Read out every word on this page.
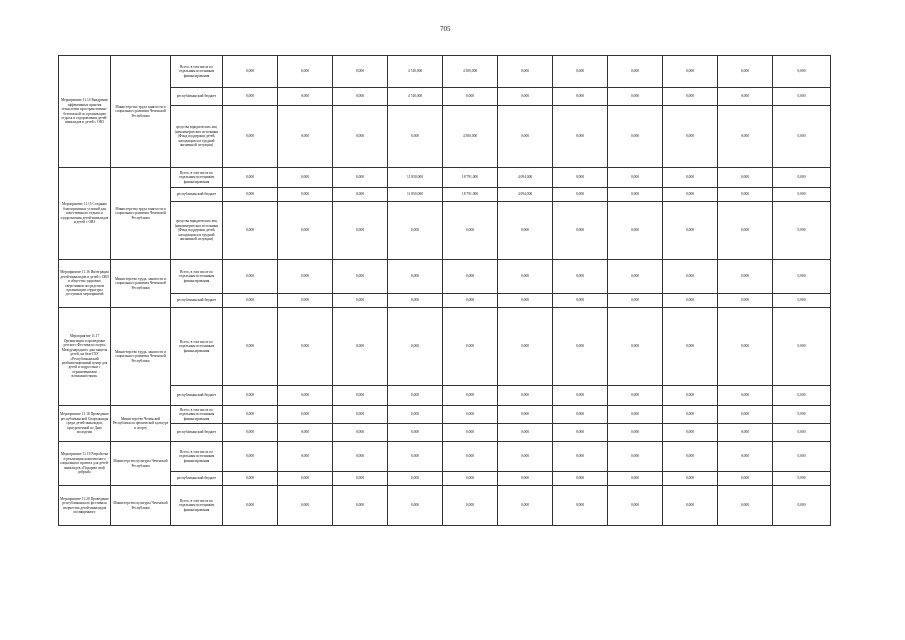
705
Мероприятие 11.14 Внедрение эффективных практик технологии пространственно-безопасной по организации отдыха и оздоровления детей-инвалидов и детей с ОВЗ	Министерство труда занятости и социального развития Чеченской Республики	Всего, в том числе по отдельным источникам финансирования	0,000	0,000	0,000	4 740,000	4 500,000	0,000	0,000	0,000	0,000	0,000	0,000
		республиканский бюджет	0,000	0,000	0,000	4 740,000	0,000	0,000	0,000	0,000	0,000	0,000	0,000
		средства юридических лиц (некоммерческих источники (Фонд поддержки детей, находящихся в трудной жизненной ситуации)	0,000	0,000	0,000	0,000	4 500,000	0,000	0,000	0,000	0,000	0,000	0,000
Мероприятие 11.15 Создание благоприятных условий для качественного отдыха и оздоровления детей-инвалидов и детей с ОВЗ	Министерство труда занятости и социального развития Чеченской Республики	Всего, в том числе по отдельным источникам финансирования	0,000	0,000	0,000	11 850,000	18 791,000	4 094,000	0,000	0,000	0,000	0,000	0,000
		республиканский бюджет	0,000	0,000	0,000	11 850,000	18 791,000	4 094,000	0,000	0,000	0,000	0,000	0,000
		средства юридических лиц (некоммерческих источники (Фонд поддержки детей, находящихся в трудной жизненной ситуации)	0,000	0,000	0,000	0,000	0,000	0,000	0,000	0,000	0,000	0,000	0,000
Мероприятие 11.16 Интеграция детей-инвалидов и детей с ОВЗ в общество здоровых сверстников посредством организации структуры доступных мероприятий	Министерство труда, занятости и социального развития Чеченской Республики	Всего, в том числе по отдельным источникам финансирования	0,000	0,000	0,000	0,000	0,000	0,000	0,000	0,000	0,000	0,000	0,000
		республиканский бюджет	0,000	0,000	0,000	0,000	0,000	0,000	0,000	0,000	0,000	0,000	0,000
Мероприятие 11.17 Организация и проведение детского Фестиваля спорта, Международного дня защиты детей, на базе ГБУ «Республиканский реабилитационный центр для детей и подростков с ограниченными возможностями»	Министерство труда, занятости и социального развития Чеченской Республики	Всего, в том числе по отдельным источникам финансирования	0,000	0,000	0,000	0,000	0,000	0,000	0,000	0,000	0,000	0,000	0,000
		республиканский бюджет	0,000	0,000	0,000	0,000	0,000	0,000	0,000	0,000	0,000	0,000	0,000
Мероприятие 11.18 Проведение республиканской Спартакиады среди детей-инвалидов, приуроченной ко Дню молодежи	Министерство Чеченской Республики по физической культуре и спорту	Всего, в том числе по отдельным источникам финансирования	0,000	0,000	0,000	0,000	0,000	0,000	0,000	0,000	0,000	0,000	0,000
		республиканский бюджет	0,000	0,000	0,000	0,000	0,000	0,000	0,000	0,000	0,000	0,000	0,000
Мероприятие 11.19 Разработка и реализация комплексного социального проекта для детей-инвалидов «Подарим свой добрый»	Министерство культуры Чеченской Республики	Всего, в том числе по отдельным источникам финансирования	0,000	0,000	0,000	0,000	0,000	0,000	0,000	0,000	0,000	0,000	0,000
		республиканский бюджет	0,000	0,000	0,000	0,000	0,000	0,000	0,000	0,000	0,000	0,000	0,000
Мероприятие 11.20 Проведение республиканского фестиваля творчества детей-инвалидов посвященного	Министерство культуры Чеченской Республики	Всего, в том числе по отдельным источникам финансирования	0,000	0,000	0,000	0,000	0,000	0,000	0,000	0,000	0,000	0,000	0,000
